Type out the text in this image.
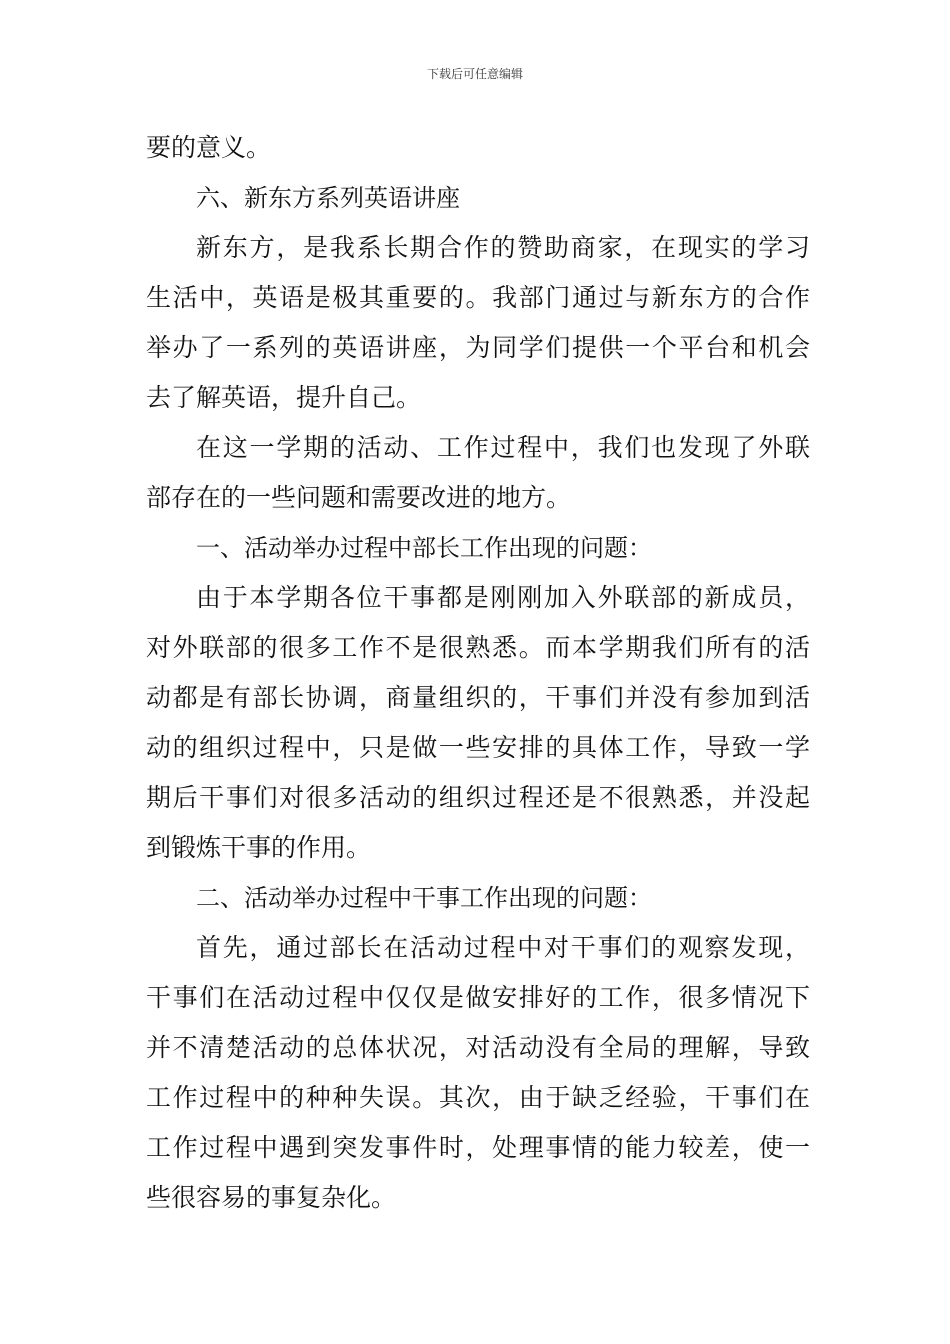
下载后可任意编辑
要的意义。
六、新东方系列英语讲座
新东方，是我系长期合作的赞助商家，在现实的学习
生活中，英语是极其重要的。我部门通过与新东方的合作
举办了一系列的英语讲座，为同学们提供一个平台和机会
去了解英语，提升自己。
在这一学期的活动、工作过程中，我们也发现了外联
部存在的一些问题和需要改进的地方。
一、活动举办过程中部长工作出现的问题：
由于本学期各位干事都是刚刚加入外联部的新成员，
对外联部的很多工作不是很熟悉。而本学期我们所有的活
动都是有部长协调，商量组织的，干事们并没有参加到活
动的组织过程中，只是做一些安排的具体工作，导致一学
期后干事们对很多活动的组织过程还是不很熟悉，并没起
到锻炼干事的作用。
二、活动举办过程中干事工作出现的问题：
首先，通过部长在活动过程中对干事们的观察发现，
干事们在活动过程中仅仅是做安排好的工作，很多情况下
并不清楚活动的总体状况，对活动没有全局的理解，导致
工作过程中的种种失误。其次，由于缺乏经验，干事们在
工作过程中遇到突发事件时，处理事情的能力较差，使一
些很容易的事复杂化。
